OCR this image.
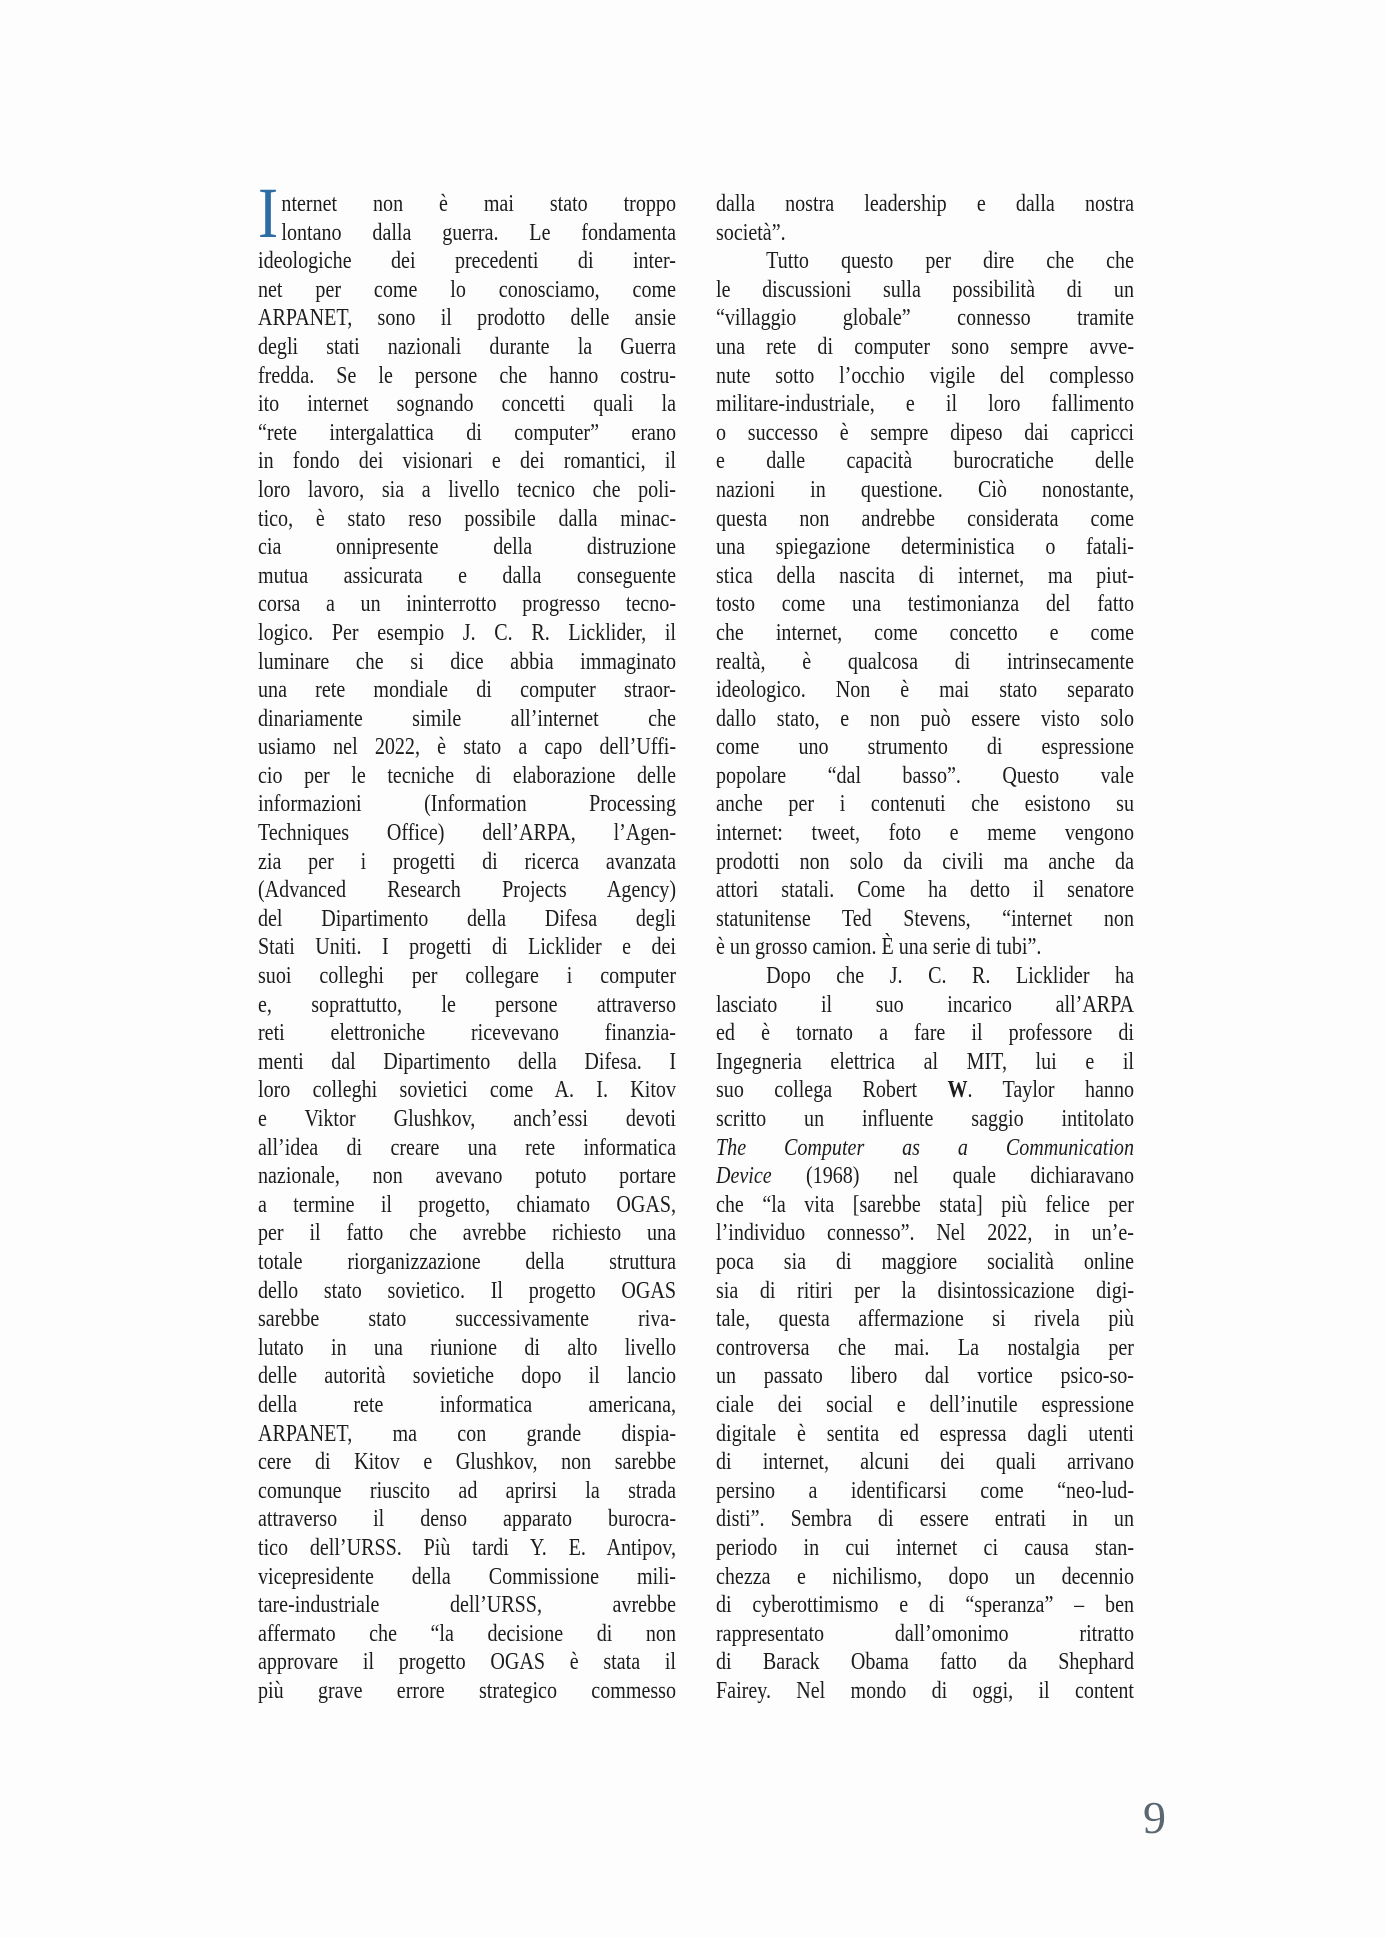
I nternet non è mai stato troppo
lontano dalla guerra. Le fondamenta
ideologiche dei precedenti di inter-
net per come lo conosciamo, come
ARPANET, sono il prodotto delle ansie
degli stati nazionali durante la Guerra
fredda. Se le persone che hanno costru-
ito internet sognando concetti quali la
“rete intergalattica di computer” erano
in fondo dei visionari e dei romantici, il
loro lavoro, sia a livello tecnico che poli-
tico, è stato reso possibile dalla minac-
cia onnipresente della distruzione
mutua assicurata e dalla conseguente
corsa a un ininterrotto progresso tecno-
logico. Per esempio J. C. R. Licklider, il
luminare che si dice abbia immaginato
una rete mondiale di computer straor-
dinariamente simile all’internet che
usiamo nel 2022, è stato a capo dell’Uffi-
cio per le tecniche di elaborazione delle
informazioni (Information Processing
Techniques Office) dell’ARPA, l’Agen-
zia per i progetti di ricerca avanzata
(Advanced Research Projects Agency)
del Dipartimento della Difesa degli
Stati Uniti. I progetti di Licklider e dei
suoi colleghi per collegare i computer
e, soprattutto, le persone attraverso
reti elettroniche ricevevano finanzia-
menti dal Dipartimento della Difesa. I
loro colleghi sovietici come A. I. Kitov
e Viktor Glushkov, anch’essi devoti
all’idea di creare una rete informatica
nazionale, non avevano potuto portare
a termine il progetto, chiamato OGAS,
per il fatto che avrebbe richiesto una
totale riorganizzazione della struttura
dello stato sovietico. Il progetto OGAS
sarebbe stato successivamente riva-
lutato in una riunione di alto livello
delle autorità sovietiche dopo il lancio
della rete informatica americana,
ARPANET, ma con grande dispia-
cere di Kitov e Glushkov, non sarebbe
comunque riuscito ad aprirsi la strada
attraverso il denso apparato burocra-
tico dell’URSS. Più tardi Y. E. Antipov,
vicepresidente della Commissione mili-
tare-industriale dell’URSS, avrebbe
affermato che “la decisione di non
approvare il progetto OGAS è stata il
più grave errore strategico commesso
dalla nostra leadership e dalla nostra
società”.
Tutto questo per dire che che
le discussioni sulla possibilità di un
“villaggio globale” connesso tramite
una rete di computer sono sempre avve-
nute sotto l’occhio vigile del complesso
militare-industriale, e il loro fallimento
o successo è sempre dipeso dai capricci
e dalle capacità burocratiche delle
nazioni in questione. Ciò nonostante,
questa non andrebbe considerata come
una spiegazione deterministica o fatali-
stica della nascita di internet, ma piut-
tosto come una testimonianza del fatto
che internet, come concetto e come
realtà, è qualcosa di intrinsecamente
ideologico. Non è mai stato separato
dallo stato, e non può essere visto solo
come uno strumento di espressione
popolare “dal basso”. Questo vale
anche per i contenuti che esistono su
internet: tweet, foto e meme vengono
prodotti non solo da civili ma anche da
attori statali. Come ha detto il senatore
statunitense Ted Stevens, “internet non
è un grosso camion. È una serie di tubi”.
Dopo che J. C. R. Licklider ha
lasciato il suo incarico all’ARPA
ed è tornato a fare il professore di
Ingegneria elettrica al MIT, lui e il
suo collega Robert W. Taylor hanno
scritto un influente saggio intitolato
The Computer as a Communication
Device (1968) nel quale dichiaravano
che “la vita [sarebbe stata] più felice per
l’individuo connesso”. Nel 2022, in un’e-
poca sia di maggiore socialità online
sia di ritiri per la disintossicazione digi-
tale, questa affermazione si rivela più
controversa che mai. La nostalgia per
un passato libero dal vortice psico-so-
ciale dei social e dell’inutile espressione
digitale è sentita ed espressa dagli utenti
di internet, alcuni dei quali arrivano
persino a identificarsi come “neo-lud-
disti”. Sembra di essere entrati in un
periodo in cui internet ci causa stan-
chezza e nichilismo, dopo un decennio
di cyberottimismo e di “speranza” – ben
rappresentato dall’omonimo ritratto
di Barack Obama fatto da Shephard
Fairey. Nel mondo di oggi, il content
9
